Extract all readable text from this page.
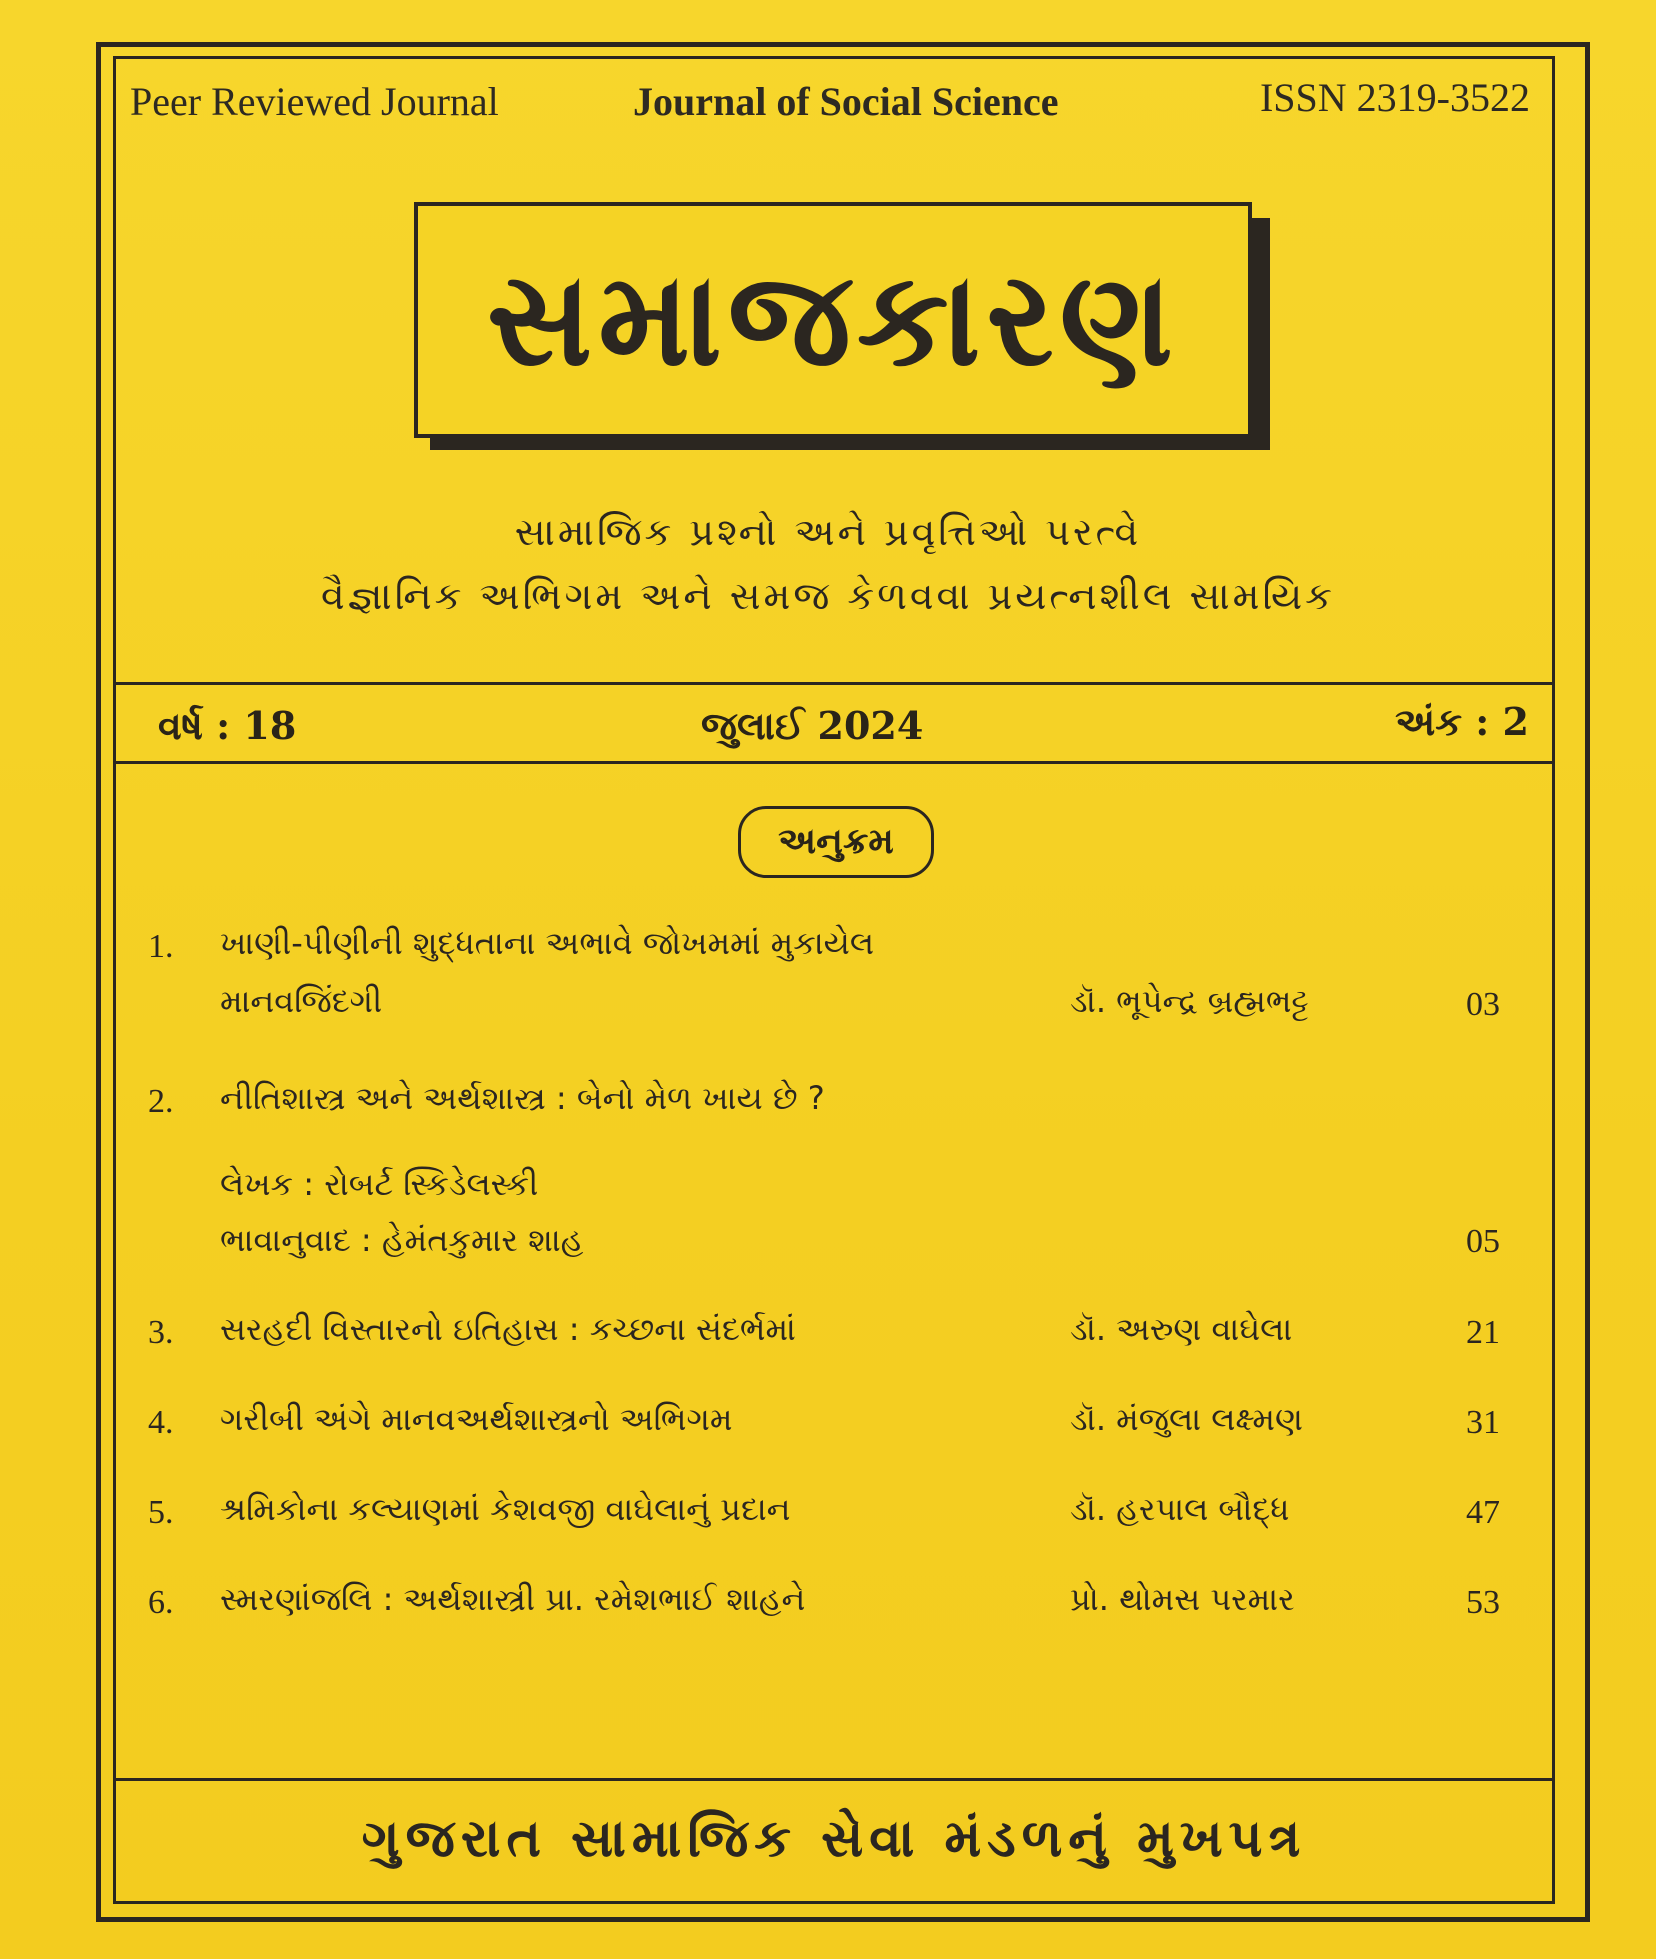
Peer Reviewed Journal	Journal of Social Science	ISSN 2319-3522
સમાજકારણ
સામાજિક પ્રશ્નો અને પ્રવૃત્તિઓ પરત્વે
વૈજ્ઞાનિક અભિગમ અને સમજ કેળવવા પ્રયત્નશીલ સામયિક
વર્ષ : 18	જુલાઈ 2024	અંક : 2
અનુક્રમ
1. ખાણી-પીણીની શુદ્ધતાના અભાવે જોખમમાં મુકાયેલ
માનવજિંદગી	ડૉ. ભૂપેન્દ્ર બ્રહ્મભટ્ટ	03
2. નીતિશાસ્ત્ર અને અર્થશાસ્ત્ર : બેનો મેળ ખાય છે ?
લેખક : રોબર્ટ સ્કિડેલસ્કી
ભાવાનુવાદ : હેમંતકુમાર શાહ	05
3. સરહદી વિસ્તારનો ઇતિહાસ : કચ્છના સંદર્ભમાં	ડૉ. અરુણ વાઘેલા	21
4. ગરીબી અંગે માનવઅર્થશાસ્ત્રનો અભિગમ	ડૉ. મંજુલા લક્ષ્મણ	31
5. શ્રમિકોના કલ્યાણમાં કેશવજી વાઘેલાનું પ્રદાન	ડૉ. હરપાલ બૌદ્ધ	47
6. સ્મરણાંજલિ : અર્થશાસ્ત્રી પ્રા. રમેશભાઈ શાહને	પ્રો. થોમસ પરમાર	53
ગુજરાત સામાજિક સેવા મંડળનું મુખપત્ર
